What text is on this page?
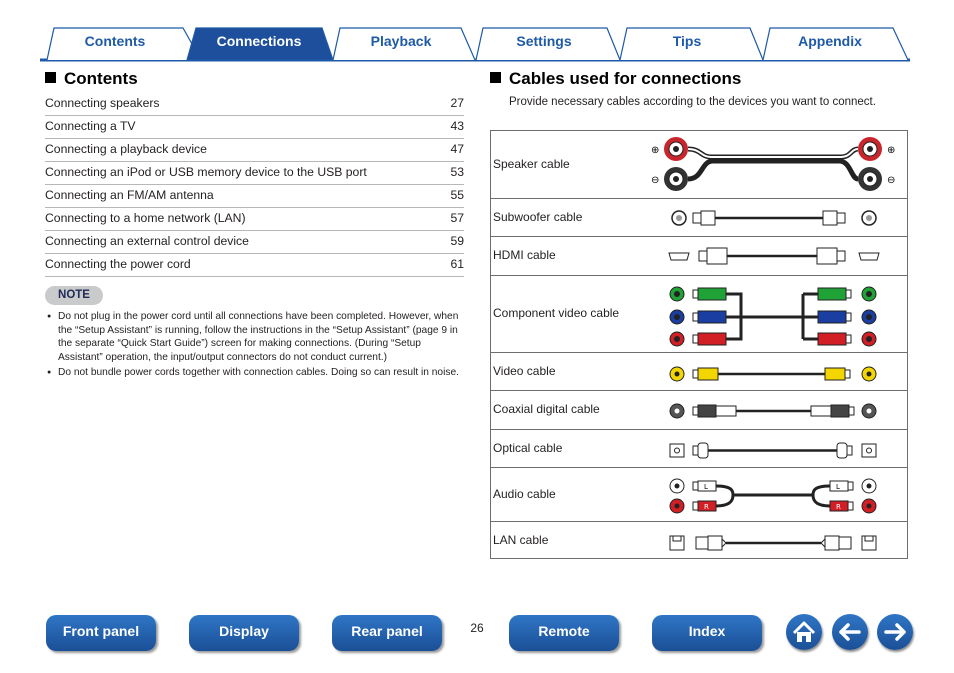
Contents	Connections	Playback	Settings	Tips	Appendix
Contents
Connecting speakers	27
Connecting a TV	43
Connecting a playback device	47
Connecting an iPod or USB memory device to the USB port	53
Connecting an FM/AM antenna	55
Connecting to a home network (LAN)	57
Connecting an external control device	59
Connecting the power cord	61
NOTE
● Do not plug in the power cord until all connections have been completed. However, when the “Setup Assistant” is running, follow the instructions in the “Setup Assistant” (page 9 in the separate “Quick Start Guide”) screen for making connections. (During “Setup Assistant” operation, the input/output connectors do not conduct current.)
● Do not bundle power cords together with connection cables. Doing so can result in noise.
Cables used for connections
Provide necessary cables according to the devices you want to connect.
Speaker cable
⊕
⊖
⊕
⊖
Subwoofer cable
HDMI cable
Component video cable
Video cable
Coaxial digital cable
Optical cable
Audio cable	L
R
L
R
LAN cable
Front panel	Display	Rear panel	26	Remote	Index
